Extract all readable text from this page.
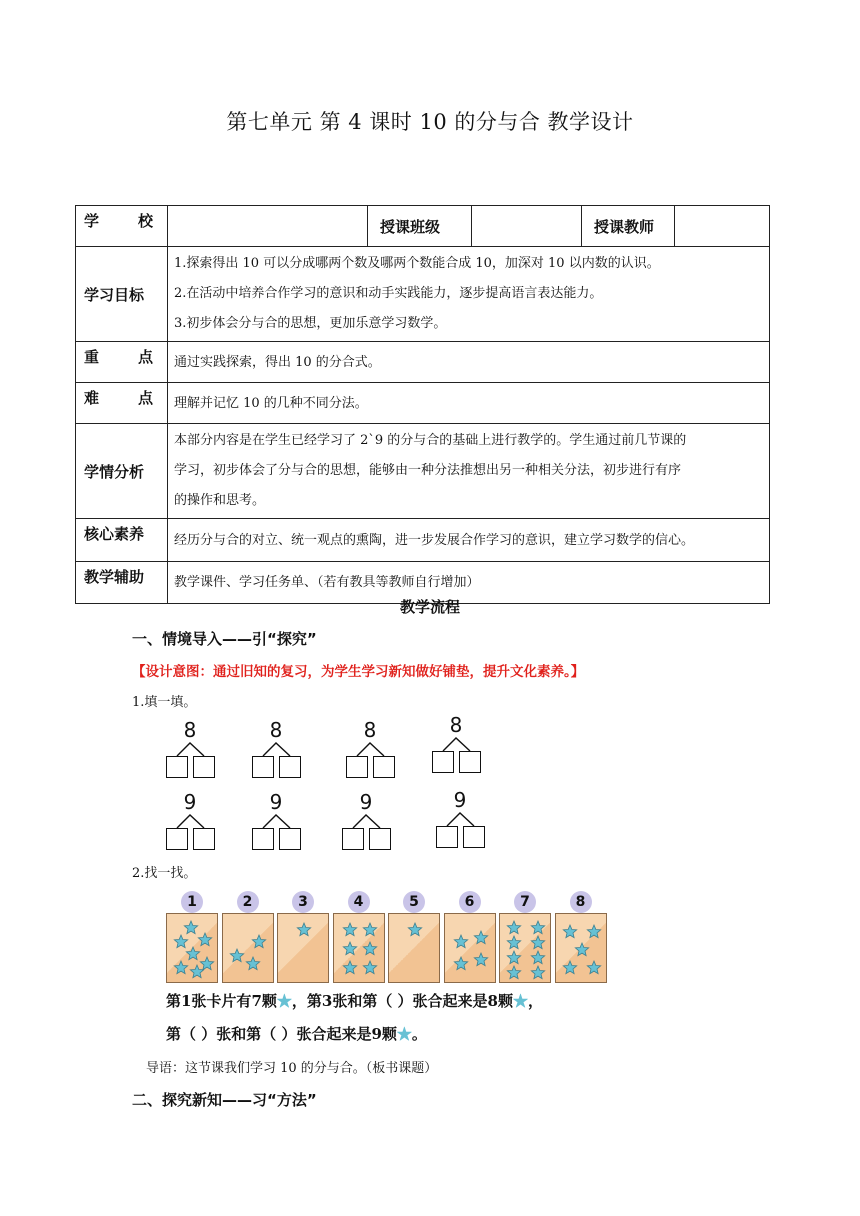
第七单元 第 4 课时 10 的分与合 教学设计
学 校		授课班级		授课教师	
学习目标	1.探索得出 10 可以分成哪两个数及哪两个数能合成 10，加深对 10 以内数的认识。

2.在活动中培养合作学习的意识和动手实践能力，逐步提高语言表达能力。

3.初步体会分与合的思想，更加乐意学习数学。				

重 点	通过实践探索，得出 10 的分合式。				

难 点	理解并记忆 10 的几种不同分法。				
学情分析	本部分内容是在学生已经学习了 2`9 的分与合的基础上进行教学的。学生通过前几节课的

学习，初步体会了分与合的思想，能够由一种分法推想出另一种相关分法，初步进行有序

的操作和思考。				

核心素养	经历分与合的对立、统一观点的熏陶，进一步发展合作学习的意识，建立学习数学的信心。				
教学辅助	教学课件、学习任务单、（若有教具等教师自行增加）				
教学流程
一、情境导入——引“探究”
【设计意图：通过旧知的复习，为学生学习新知做好铺垫，提升文化素养。】
1.填一填。
8	8	8	8
9	9	9	9
2.找一找。
1	2	3	4	5	6	7	8
第1张卡片有7颗★，第3张和第（ ）张合起来是8颗★，
第（ ）张和第（ ）张合起来是9颗★。
导语：这节课我们学习 10 的分与合。（板书课题）
二、探究新知——习“方法”
